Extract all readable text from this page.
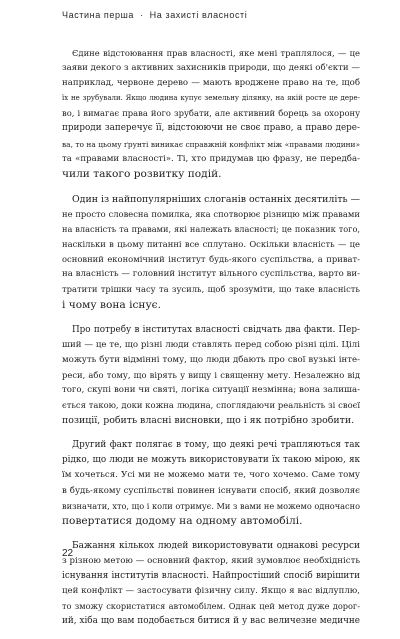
Частина перша · На захисті власності

Єдине відстоювання прав власності, яке мені траплялося, — це
заяви декого з активних захисників природи, що деякі об'єкти —
наприклад, червоне дерево — мають вроджене право на те, щоб
їх не зрубували. Якщо людина купує земельну ділянку, на якій росте це дере-
во, і вимагає права його зрубати, але активний борець за охорону
природи заперечує її, відстоюючи не своє право, а право дере-
ва, то на цьому ґрунті виникає справжній конфлікт між «правами людини»
та «правами власності». Ті, хто придумав цю фразу, не передба-
чили такого розвитку подій.

Один із найпопулярніших слоганів останніх десятиліть —
не просто словесна помилка, яка спотворює різницю між правами
на власність та правами, які належать власності; це показник того,
наскільки в цьому питанні все сплутано. Оскільки власність — це
основний економічний інститут будь-якого суспільства, а приват-
на власність — головний інститут вільного суспільства, варто ви-
тратити трішки часу та зусиль, щоб зрозуміти, що таке власність
і чому вона існує.

Про потребу в інститутах власності свідчать два факти. Пер-
ший — це те, що різні люди ставлять перед собою різні цілі. Цілі
можуть бути відмінні тому, що люди дбають про свої вузькі інте-
реси, або тому, що вірять у вищу і священну мету. Незалежно від
того, скупі вони чи святі, логіка ситуації незмінна; вона залиша-
ється такою, доки кожна людина, споглядаючи реальність зі своєї
позиції, робить власні висновки, що і як потрібно зробити.

Другий факт полягає в тому, що деякі речі трапляються так
рідко, що люди не можуть використовувати їх такою мірою, як
їм хочеться. Усі ми не можемо мати те, чого хочемо. Саме тому
в будь-якому суспільстві повинен існувати спосіб, який дозволяє
визначати, хто, що і коли отримує. Ми з вами не можемо одночасно
повертатися додому на одному автомобілі.

Бажання кількох людей використовувати однакові ресурси
з різною метою — основний фактор, який зумовлює необхідність
існування інститутів власності. Найпростіший спосіб вирішити
цей конфлікт — застосувати фізичну силу. Якщо я вас відлуплю,
то зможу скористатися автомобілем. Однак цей метод дуже дорог-
ий, хіба що вам подобається битися й у вас величезне медичне

22
